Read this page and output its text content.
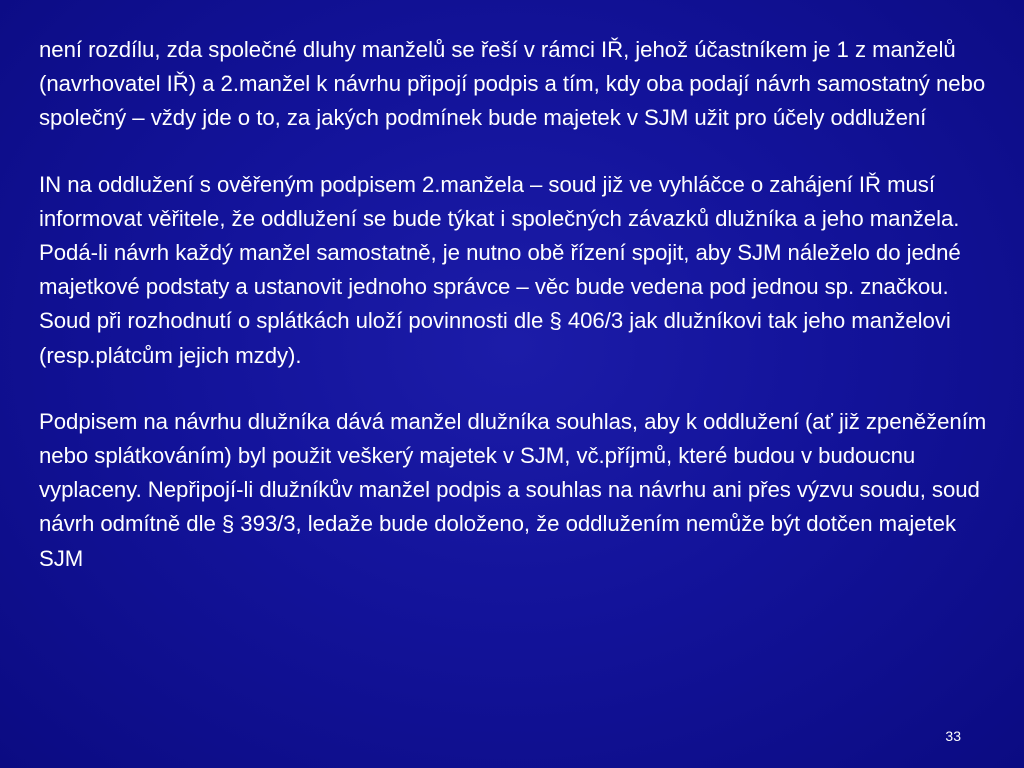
není rozdílu, zda společné dluhy manželů se řeší v rámci IŘ, jehož účastníkem je 1 z manželů (navrhovatel IŘ) a 2.manžel k návrhu připojí podpis a tím, kdy oba podají návrh samostatný nebo společný – vždy jde o to, za jakých podmínek bude majetek v SJM užit pro účely oddlužení

IN na oddlužení s ověřeným podpisem 2.manžela – soud již ve vyhláčce o zahájení IŘ musí informovat věřitele, že oddlužení se bude týkat i společných závazků dlužníka a jeho manžela. Podá-li návrh každý manžel samostatně, je nutno obě řízení spojit, aby SJM náleželo do jedné majetkové podstaty a ustanovit jednoho správce – věc bude vedena pod jednou sp. značkou. Soud při rozhodnutí o splátkách uloží povinnosti dle § 406/3 jak dlužníkovi tak jeho manželovi (resp.plátcům jejich mzdy).

Podpisem na návrhu dlužníka dává manžel dlužníka souhlas, aby k oddlužení (ať již zpeněžením nebo splátkováním) byl použit veškerý majetek v SJM, vč.příjmů, které budou v budoucnu vyplaceny. Nepřipojí-li dlužníkův manžel podpis a souhlas na návrhu ani přes výzvu soudu, soud návrh odmítně dle § 393/3, ledaže bude doloženo, že oddlužením nemůže být dotčen majetek SJM

33
